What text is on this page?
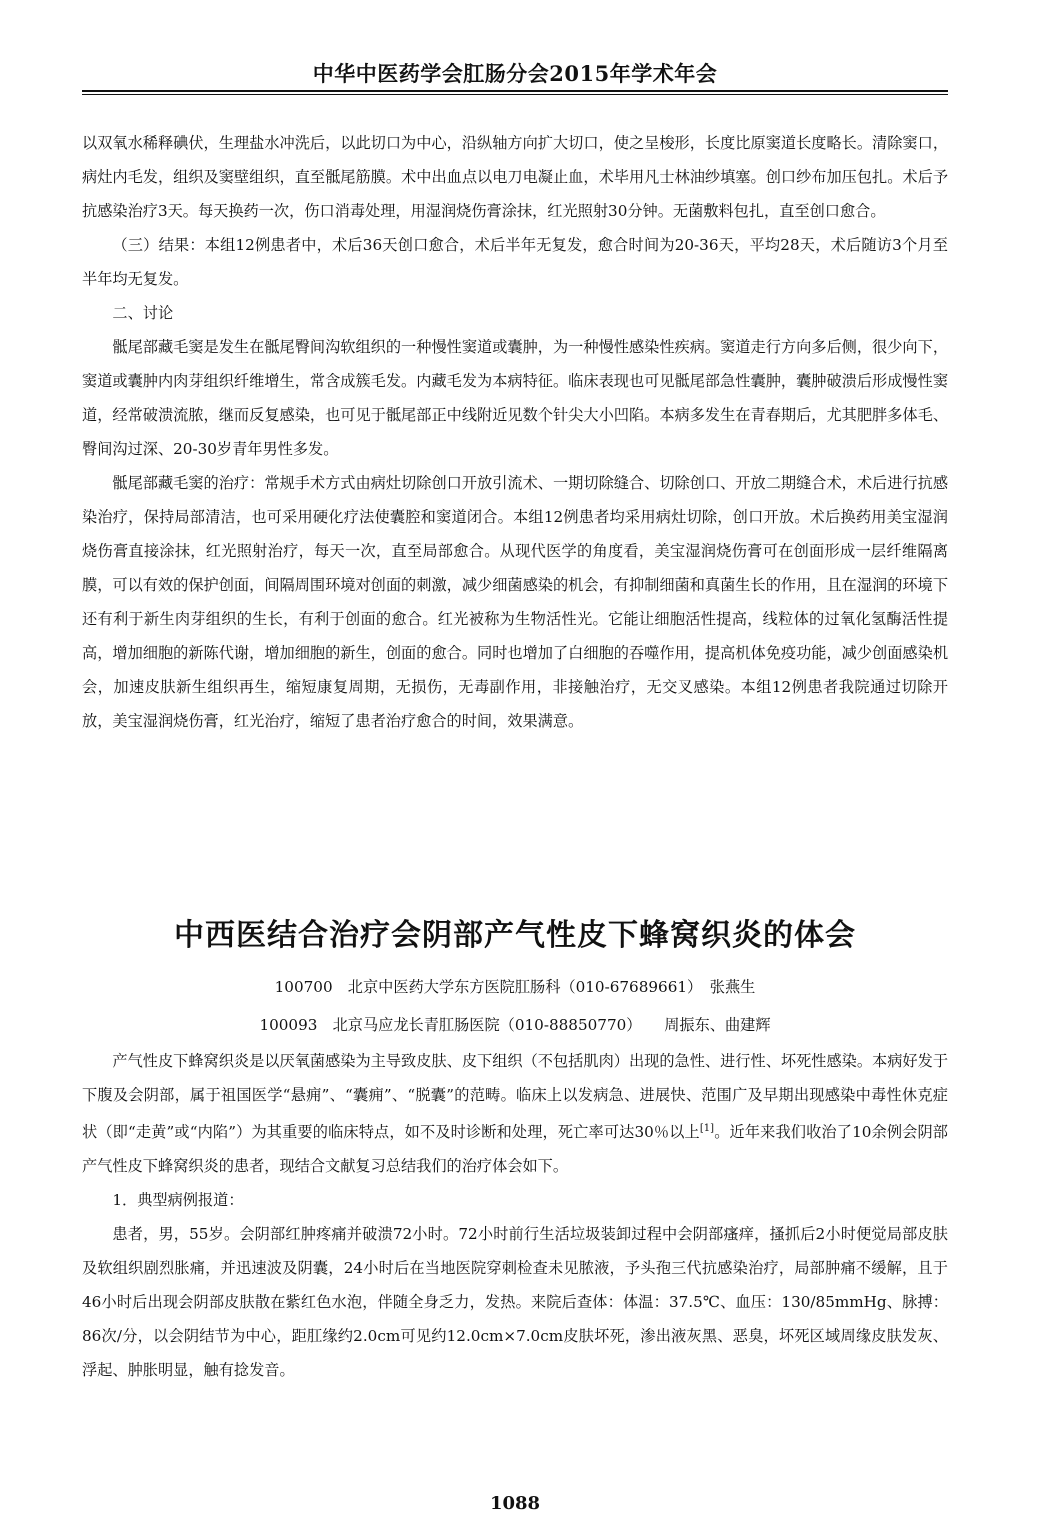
中华中医药学会肛肠分会2015年学术年会

以双氧水稀释碘伏，生理盐水冲洗后，以此切口为中心，沿纵轴方向扩大切口，使之呈梭形，长度比原窦道长度略长。清除窦口，病灶内毛发，组织及窦壁组织，直至骶尾筋膜。术中出血点以电刀电凝止血，术毕用凡士林油纱填塞。创口纱布加压包扎。术后予抗感染治疗3天。每天换药一次，伤口消毒处理，用湿润烧伤膏涂抹，红光照射30分钟。无菌敷料包扎，直至创口愈合。

（三）结果：本组12例患者中，术后36天创口愈合，术后半年无复发，愈合时间为20-36天，平均28天，术后随访3个月至半年均无复发。

二、讨论

骶尾部藏毛窦是发生在骶尾臀间沟软组织的一种慢性窦道或囊肿，为一种慢性感染性疾病。窦道走行方向多后侧，很少向下，窦道或囊肿内肉芽组织纤维增生，常含成簇毛发。内藏毛发为本病特征。临床表现也可见骶尾部急性囊肿，囊肿破溃后形成慢性窦道，经常破溃流脓，继而反复感染，也可见于骶尾部正中线附近见数个针尖大小凹陷。本病多发生在青春期后，尤其肥胖多体毛、臀间沟过深、20-30岁青年男性多发。

骶尾部藏毛窦的治疗：常规手术方式由病灶切除创口开放引流术、一期切除缝合、切除创口、开放二期缝合术，术后进行抗感染治疗，保持局部清洁，也可采用硬化疗法使囊腔和窦道闭合。本组12例患者均采用病灶切除，创口开放。术后换药用美宝湿润烧伤膏直接涂抹，红光照射治疗，每天一次，直至局部愈合。从现代医学的角度看，美宝湿润烧伤膏可在创面形成一层纤维隔离膜，可以有效的保护创面，间隔周围环境对创面的刺激，减少细菌感染的机会，有抑制细菌和真菌生长的作用，且在湿润的环境下还有利于新生肉芽组织的生长，有利于创面的愈合。红光被称为生物活性光。它能让细胞活性提高，线粒体的过氧化氢酶活性提高，增加细胞的新陈代谢，增加细胞的新生，创面的愈合。同时也增加了白细胞的吞噬作用，提高机体免疫功能，减少创面感染机会，加速皮肤新生组织再生，缩短康复周期，无损伤，无毒副作用，非接触治疗，无交叉感染。本组12例患者我院通过切除开放，美宝湿润烧伤膏，红光治疗，缩短了患者治疗愈合的时间，效果满意。

中西医结合治疗会阴部产气性皮下蜂窝织炎的体会
100700　北京中医药大学东方医院肛肠科（010-67689661）　张燕生
100093　北京马应龙长青肛肠医院（010-88850770）　　周振东、曲建辉

产气性皮下蜂窝织炎是以厌氧菌感染为主导致皮肤、皮下组织（不包括肌肉）出现的急性、进行性、坏死性感染。本病好发于下腹及会阴部，属于祖国医学“悬痈”、“囊痈”、“脱囊”的范畴。临床上以发病急、进展快、范围广及早期出现感染中毒性休克症状（即“走黄”或“内陷”）为其重要的临床特点，如不及时诊断和处理，死亡率可达30％以上[1]。近年来我们收治了10余例会阴部产气性皮下蜂窝织炎的患者，现结合文献复习总结我们的治疗体会如下。

1．典型病例报道：

患者，男，55岁。会阴部红肿疼痛并破溃72小时。72小时前行生活垃圾装卸过程中会阴部瘙痒，搔抓后2小时便觉局部皮肤及软组织剧烈胀痛，并迅速波及阴囊，24小时后在当地医院穿刺检查未见脓液，予头孢三代抗感染治疗，局部肿痛不缓解，且于46小时后出现会阴部皮肤散在紫红色水泡，伴随全身乏力，发热。来院后查体：体温：37.5℃、血压：130/85mmHg、脉搏：86次/分，以会阴结节为中心，距肛缘约2.0cm可见约12.0cm×7.0cm皮肤坏死，渗出液灰黑、恶臭，坏死区域周缘皮肤发灰、浮起、肿胀明显，触有捻发音。

1088
